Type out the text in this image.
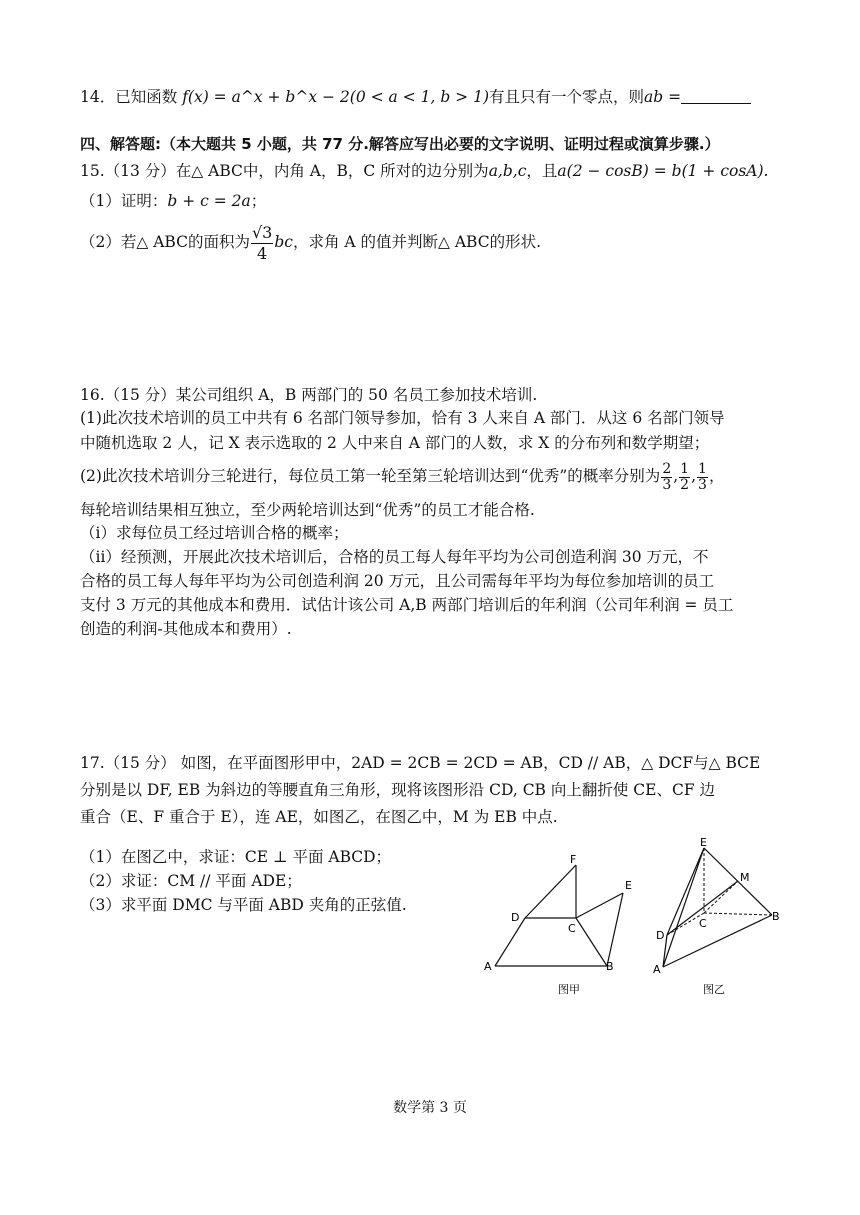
14．已知函数 f(x) = a^x + b^x − 2(0 < a < 1, b > 1)有且只有一个零点，则ab =
四、解答题:（本大题共 5 小题，共 77 分.解答应写出必要的文字说明、证明过程或演算步骤.）
15.（13 分）在△ ABC中，内角 A，B，C 所对的边分别为a,b,c，且a(2 − cosB) = b(1 + cosA).
（1）证明：b + c = 2a；
（2）若△ ABC的面积为 $\frac{√3}{4}$ bc，求角 A 的值并判断△ ABC的形状.
16.（15 分）某公司组织 A，B 两部门的 50 名员工参加技术培训.
(1)此次技术培训的员工中共有 6 名部门领导参加，恰有 3 人来自 A 部门．从这 6 名部门领导
中随机选取 2 人，记 X 表示选取的 2 人中来自 A 部门的人数，求 X 的分布列和数学期望；
(2)此次技术培训分三轮进行，每位员工第一轮至第三轮培训达到“优秀”的概率分别为 $\frac{2}{3}$ , $\frac{1}{2}$ , $\frac{1}{3}$ ，
每轮培训结果相互独立，至少两轮培训达到“优秀”的员工才能合格.
（ⅰ）求每位员工经过培训合格的概率；
（ⅱ）经预测，开展此次技术培训后，合格的员工每人每年平均为公司创造利润 30 万元，不
合格的员工每人每年平均为公司创造利润 20 万元，且公司需每年平均为每位参加培训的员工
支付 3 万元的其他成本和费用．试估计该公司 A,B 两部门培训后的年利润（公司年利润 = 员工
创造的利润-其他成本和费用）.
17.（15 分） 如图，在平面图形甲中，2AD = 2CB = 2CD = AB，CD // AB，△ DCF与△ BCE
分别是以 DF, EB 为斜边的等腰直角三角形，现将该图形沿 CD, CB 向上翻折使 CE、CF 边
重合（E、F 重合于 E），连 AE，如图乙，在图乙中，M 为 EB 中点.
（1）在图乙中，求证：CE ⊥ 平面 ABCD；
（2）求证：CM // 平面 ADE；
（3）求平面 DMC 与平面 ABD 夹角的正弦值.
F
D
C
E
A	B
图甲
E
M
B
C
D
A
图乙
数学第 3 页
